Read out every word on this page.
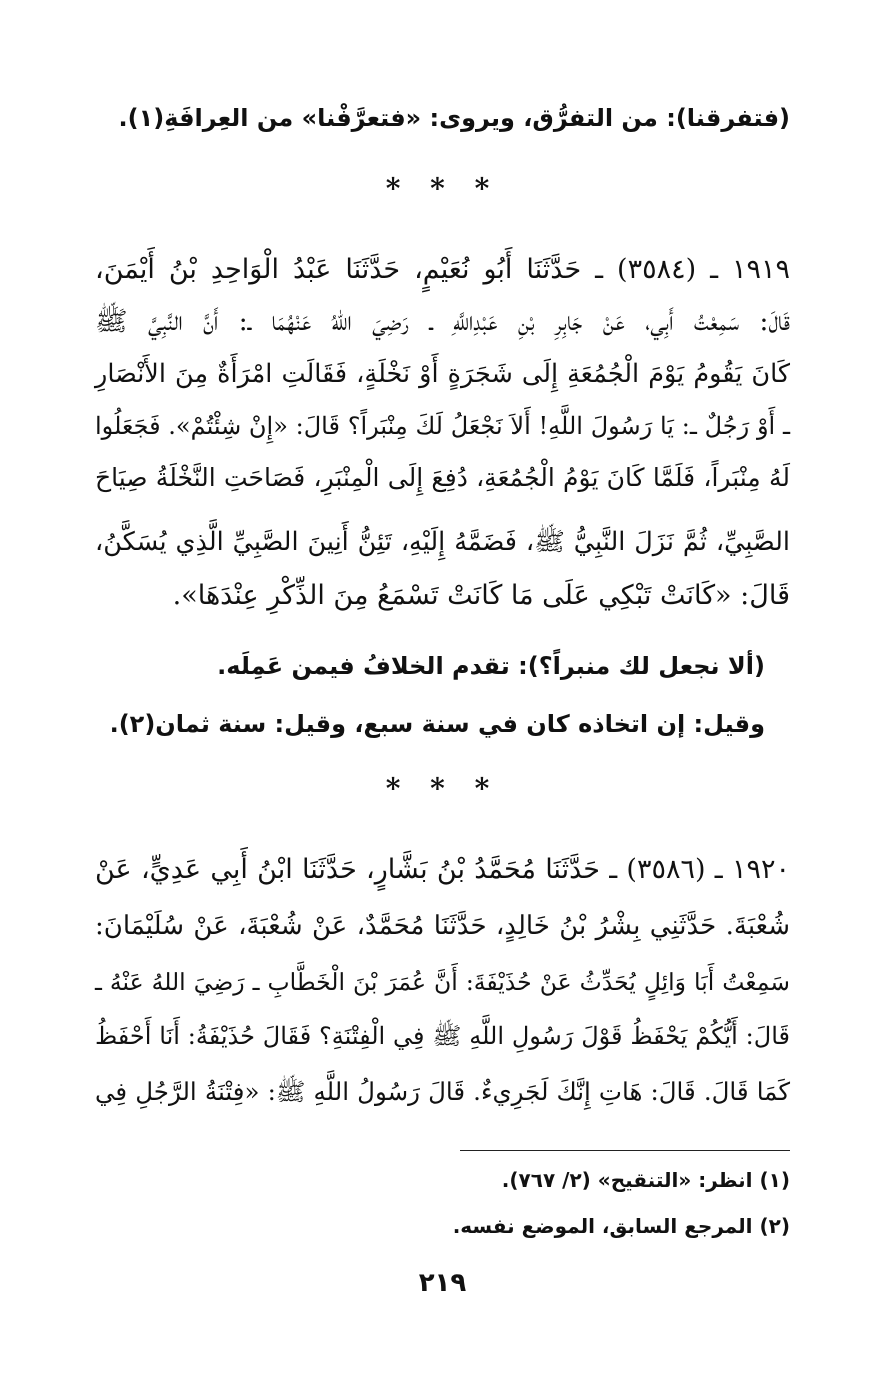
(فتفرقنا): من التفرُّق، ويروى: «فتعرَّفْنا» من العِرافَةِ(١).
* * *
١٩١٩ ـ (٣٥٨٤) ـ حَدَّثَنَا أَبُو نُعَيْمٍ، حَدَّثَنَا عَبْدُ الْوَاحِدِ بْنُ أَيْمَنَ،
قَالَ: سَمِعْتُ أَبِي، عَنْ جَابِرِ بْنِ عَبْدِاللَّهِ ـ رَضِيَ اللهُ عَنْهُمَا ـ: أَنَّ النَّبِيَّ ﷺ
كَانَ يَقُومُ يَوْمَ الْجُمُعَةِ إِلَى شَجَرَةٍ أَوْ نَخْلَةٍ، فَقَالَتِ امْرَأَةٌ مِنَ الأَنْصَارِ
ـ أَوْ رَجُلٌ ـ: يَا رَسُولَ اللَّهِ! أَلاَ نَجْعَلُ لَكَ مِنْبَراً؟ قَالَ: «إِنْ شِئْتُمْ». فَجَعَلُوا
لَهُ مِنْبَراً، فَلَمَّا كَانَ يَوْمُ الْجُمُعَةِ، دُفِعَ إِلَى الْمِنْبَرِ، فَصَاحَتِ النَّخْلَةُ صِيَاحَ
الصَّبِيِّ، ثُمَّ نَزَلَ النَّبِيُّ ﷺ، فَضَمَّهُ إِلَيْهِ، تَئِنُّ أَنِينَ الصَّبِيِّ الَّذِي يُسَكَّنُ،
قَالَ: «كَانَتْ تَبْكِي عَلَى مَا كَانَتْ تَسْمَعُ مِنَ الذِّكْرِ عِنْدَهَا».
(ألا نجعل لك منبراً؟): تقدم الخلافُ فيمن عَمِلَه.
وقيل: إن اتخاذه كان في سنة سبع، وقيل: سنة ثمان(٢).
* * *
١٩٢٠ ـ (٣٥٨٦) ـ حَدَّثَنَا مُحَمَّدُ بْنُ بَشَّارٍ، حَدَّثَنَا ابْنُ أَبِي عَدِيٍّ، عَنْ
شُعْبَةَ. حَدَّثَنِي بِشْرُ بْنُ خَالِدٍ، حَدَّثَنَا مُحَمَّدٌ، عَنْ شُعْبَةَ، عَنْ سُلَيْمَانَ:
سَمِعْتُ أَبَا وَائِلٍ يُحَدِّثُ عَنْ حُذَيْفَةَ: أَنَّ عُمَرَ بْنَ الْخَطَّابِ ـ رَضِيَ اللهُ عَنْهُ ـ
قَالَ: أَيُّكُمْ يَحْفَظُ قَوْلَ رَسُولِ اللَّهِ ﷺ فِي الْفِتْنَةِ؟ فَقَالَ حُذَيْفَةُ: أَنَا أَحْفَظُ
كَمَا قَالَ. قَالَ: هَاتِ إِنَّكَ لَجَرِيءٌ. قَالَ رَسُولُ اللَّهِ ﷺ: «فِتْنَةُ الرَّجُلِ فِي
(١) انظر: «التنقيح» (٢/ ٧٦٧).
(٢) المرجع السابق، الموضع نفسه.
٢١٩
